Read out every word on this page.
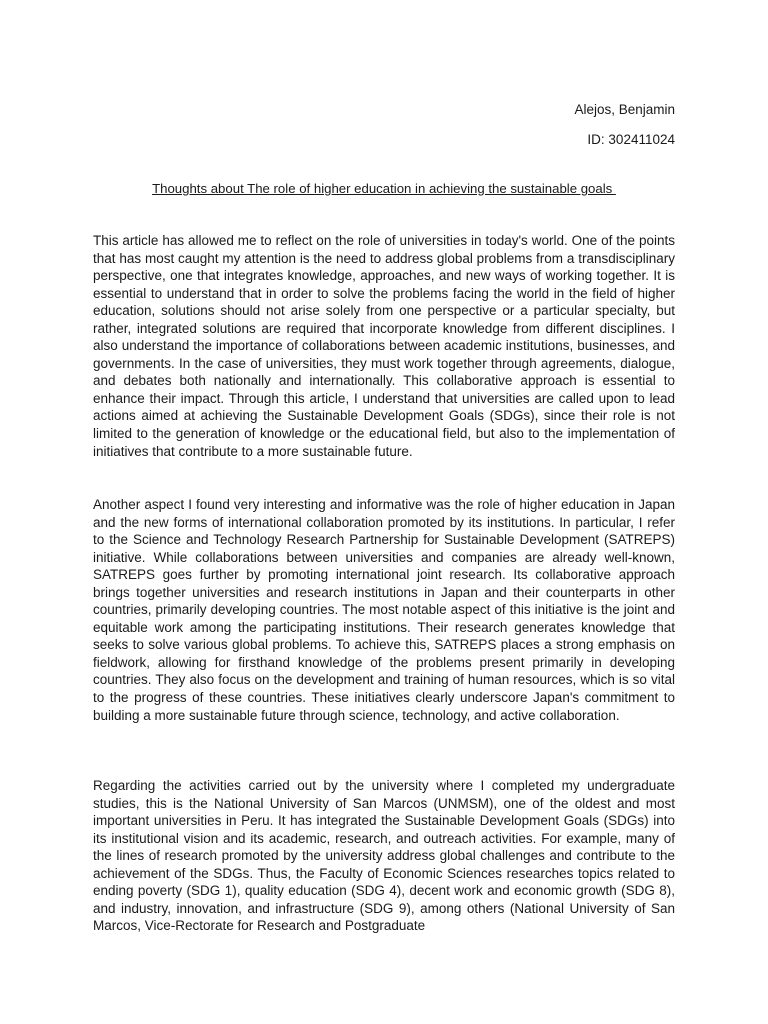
Alejos, Benjamin
ID: 302411024
Thoughts about The role of higher education in achieving the sustainable goals

This article has allowed me to reflect on the role of universities in today's world. One of the points that has most caught my attention is the need to address global problems from a transdisciplinary perspective, one that integrates knowledge, approaches, and new ways of working together. It is essential to understand that in order to solve the problems facing the world in the field of higher education, solutions should not arise solely from one perspective or a particular specialty, but rather, integrated solutions are required that incorporate knowledge from different disciplines. I also understand the importance of collaborations between academic institutions, businesses, and governments. In the case of universities, they must work together through agreements, dialogue, and debates both nationally and internationally. This collaborative approach is essential to enhance their impact. Through this article, I understand that universities are called upon to lead actions aimed at achieving the Sustainable Development Goals (SDGs), since their role is not limited to the generation of knowledge or the educational field, but also to the implementation of initiatives that contribute to a more sustainable future.

Another aspect I found very interesting and informative was the role of higher education in Japan and the new forms of international collaboration promoted by its institutions. In particular, I refer to the Science and Technology Research Partnership for Sustainable Development (SATREPS) initiative. While collaborations between universities and companies are already well-known, SATREPS goes further by promoting international joint research. Its collaborative approach brings together universities and research institutions in Japan and their counterparts in other countries, primarily developing countries. The most notable aspect of this initiative is the joint and equitable work among the participating institutions. Their research generates knowledge that seeks to solve various global problems. To achieve this, SATREPS places a strong emphasis on fieldwork, allowing for firsthand knowledge of the problems present primarily in developing countries. They also focus on the development and training of human resources, which is so vital to the progress of these countries. These initiatives clearly underscore Japan's commitment to building a more sustainable future through science, technology, and active collaboration.

Regarding the activities carried out by the university where I completed my undergraduate studies, this is the National University of San Marcos (UNMSM), one of the oldest and most important universities in Peru. It has integrated the Sustainable Development Goals (SDGs) into its institutional vision and its academic, research, and outreach activities. For example, many of the lines of research promoted by the university address global challenges and contribute to the achievement of the SDGs. Thus, the Faculty of Economic Sciences researches topics related to ending poverty (SDG 1), quality education (SDG 4), decent work and economic growth (SDG 8), and industry, innovation, and infrastructure (SDG 9), among others (National University of San Marcos, Vice-Rectorate for Research and Postgraduate
